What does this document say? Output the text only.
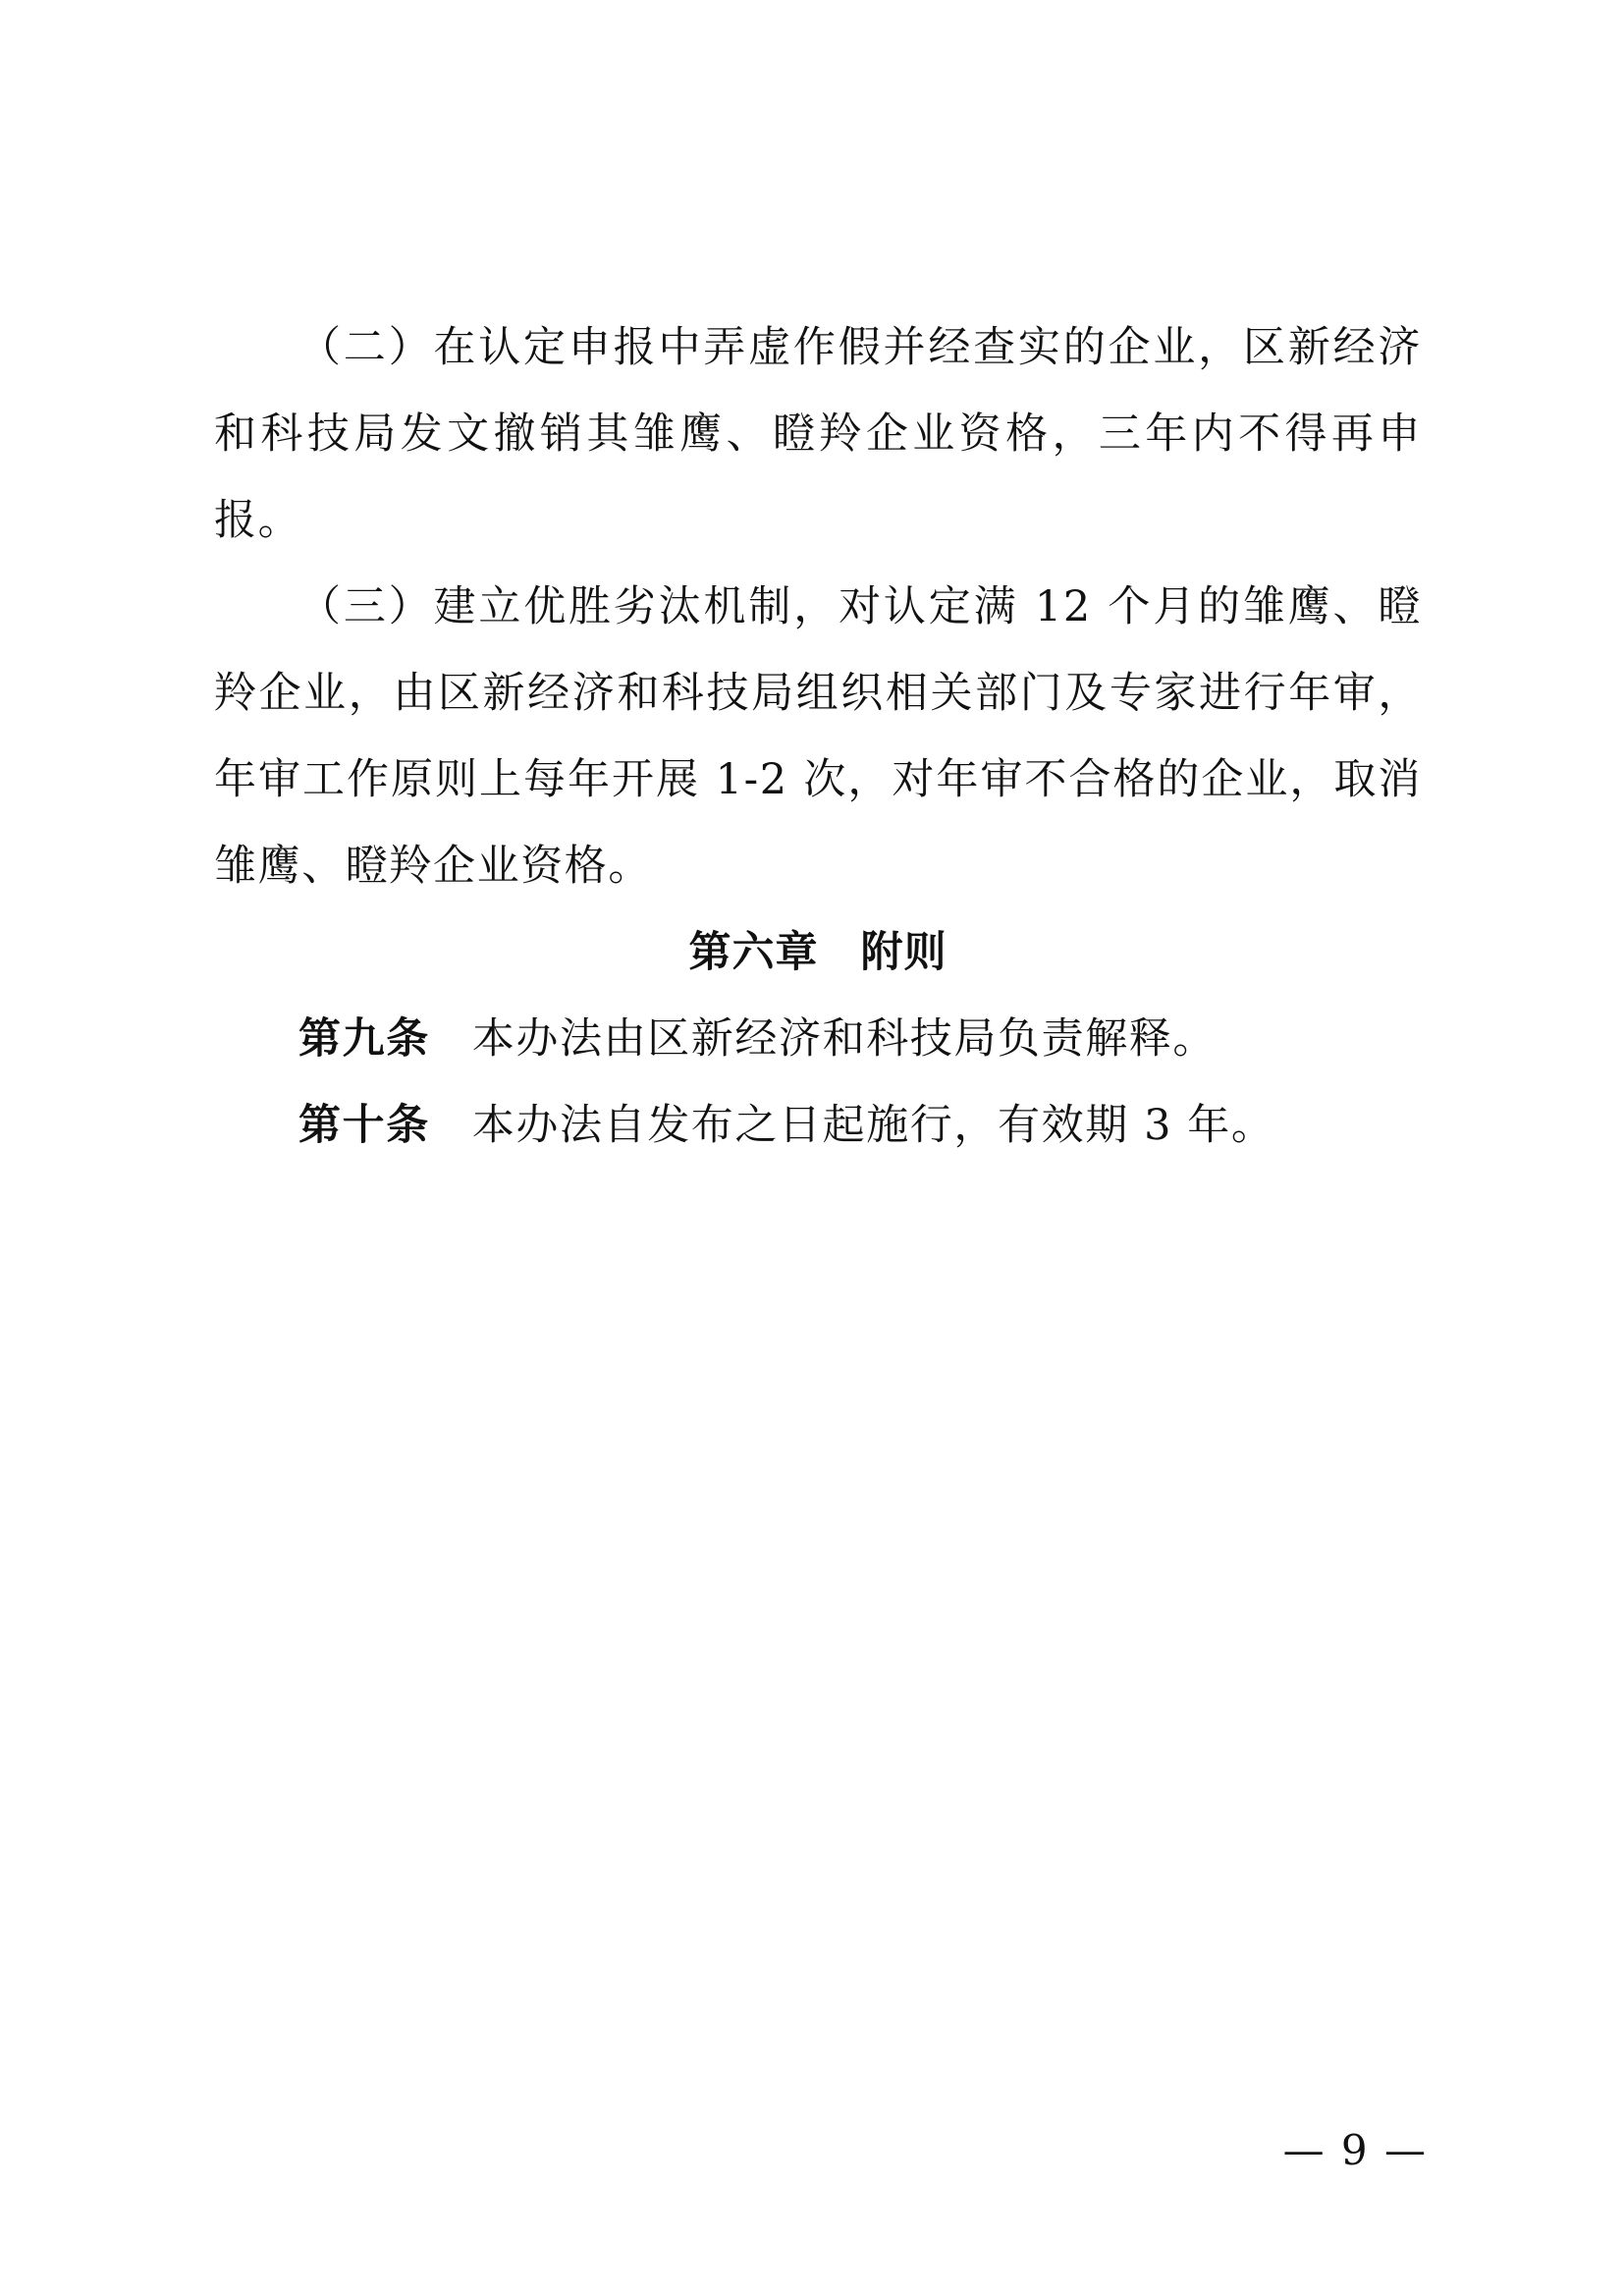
（二）在认定申报中弄虚作假并经查实的企业，区新经济和科技局发文撤销其雏鹰、瞪羚企业资格，三年内不得再申报。

（三）建立优胜劣汰机制，对认定满 12 个月的雏鹰、瞪羚企业，由区新经济和科技局组织相关部门及专家进行年审，年审工作原则上每年开展 1-2 次，对年审不合格的企业，取消雏鹰、瞪羚企业资格。

第六章 附则

第九条 本办法由区新经济和科技局负责解释。

第十条 本办法自发布之日起施行，有效期 3 年。

— 9 —
